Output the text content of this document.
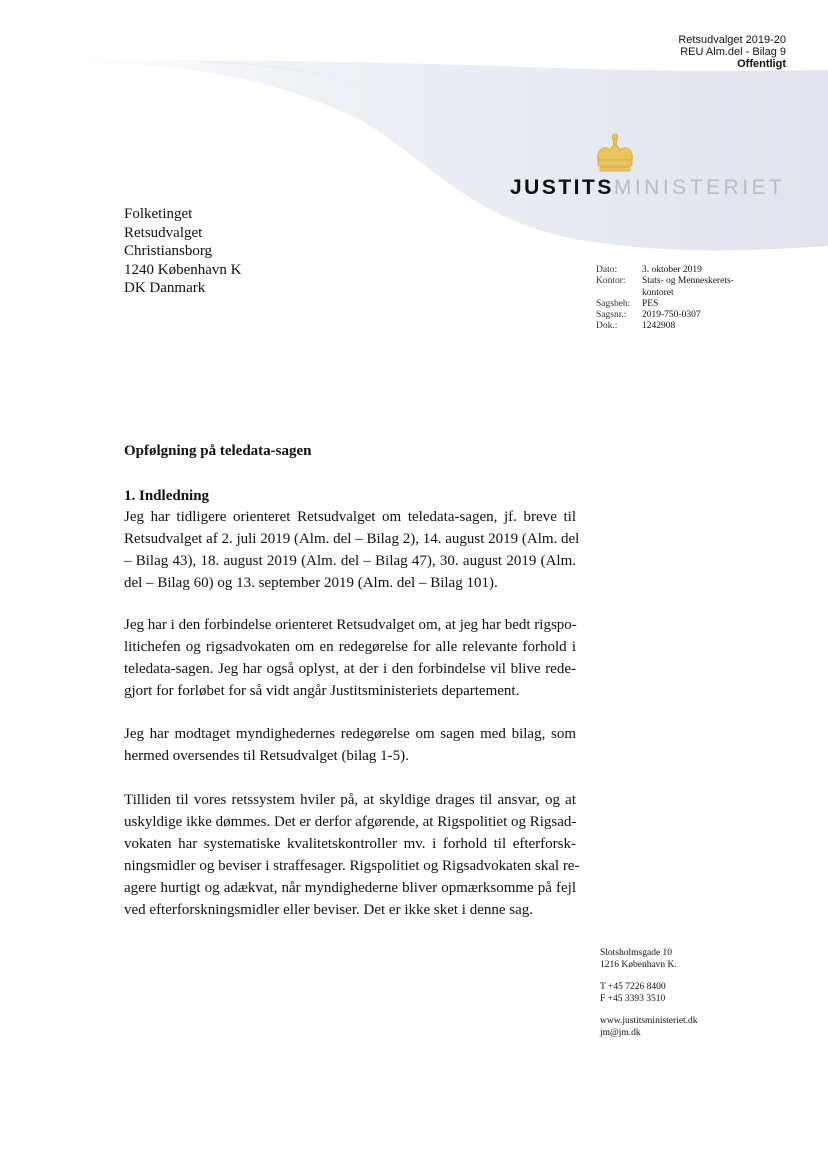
Retsudvalget 2019-20
REU Alm.del - Bilag 9
Offentligt
JUSTITSMINISTERIET
Folketinget
Retsudvalget
Christiansborg
1240 København K
DK Danmark
Dato:	3. oktober 2019
Kontor:	Stats- og Menneskerets-
kontoret
Sagsbeh:	PES
Sagsnr.:	2019-750-0307
Dok.:	1242908
Opfølgning på teledata-sagen
1. Indledning
Jeg har tidligere orienteret Retsudvalget om teledata-sagen, jf. breve til
Retsudvalget af 2. juli 2019 (Alm. del – Bilag 2), 14. august 2019 (Alm. del
– Bilag 43), 18. august 2019 (Alm. del – Bilag 47), 30. august 2019 (Alm.
del – Bilag 60) og 13. september 2019 (Alm. del – Bilag 101).
Jeg har i den forbindelse orienteret Retsudvalget om, at jeg har bedt rigspo-
litichefen og rigsadvokaten om en redegørelse for alle relevante forhold i
teledata-sagen. Jeg har også oplyst, at der i den forbindelse vil blive rede-
gjort for forløbet for så vidt angår Justitsministeriets departement.
Jeg har modtaget myndighedernes redegørelse om sagen med bilag, som
hermed oversendes til Retsudvalget (bilag 1-5).
Tilliden til vores retssystem hviler på, at skyldige drages til ansvar, og at
uskyldige ikke dømmes. Det er derfor afgørende, at Rigspolitiet og Rigsad-
vokaten har systematiske kvalitetskontroller mv. i forhold til efterforsk-
ningsmidler og beviser i straffesager. Rigspolitiet og Rigsadvokaten skal re-
agere hurtigt og adækvat, når myndighederne bliver opmærksomme på fejl
ved efterforskningsmidler eller beviser. Det er ikke sket i denne sag.
Slotsholmsgade 10
1216 København K.
T +45 7226 8400
F +45 3393 3510
www.justitsministeriet.dk
jm@jm.dk
